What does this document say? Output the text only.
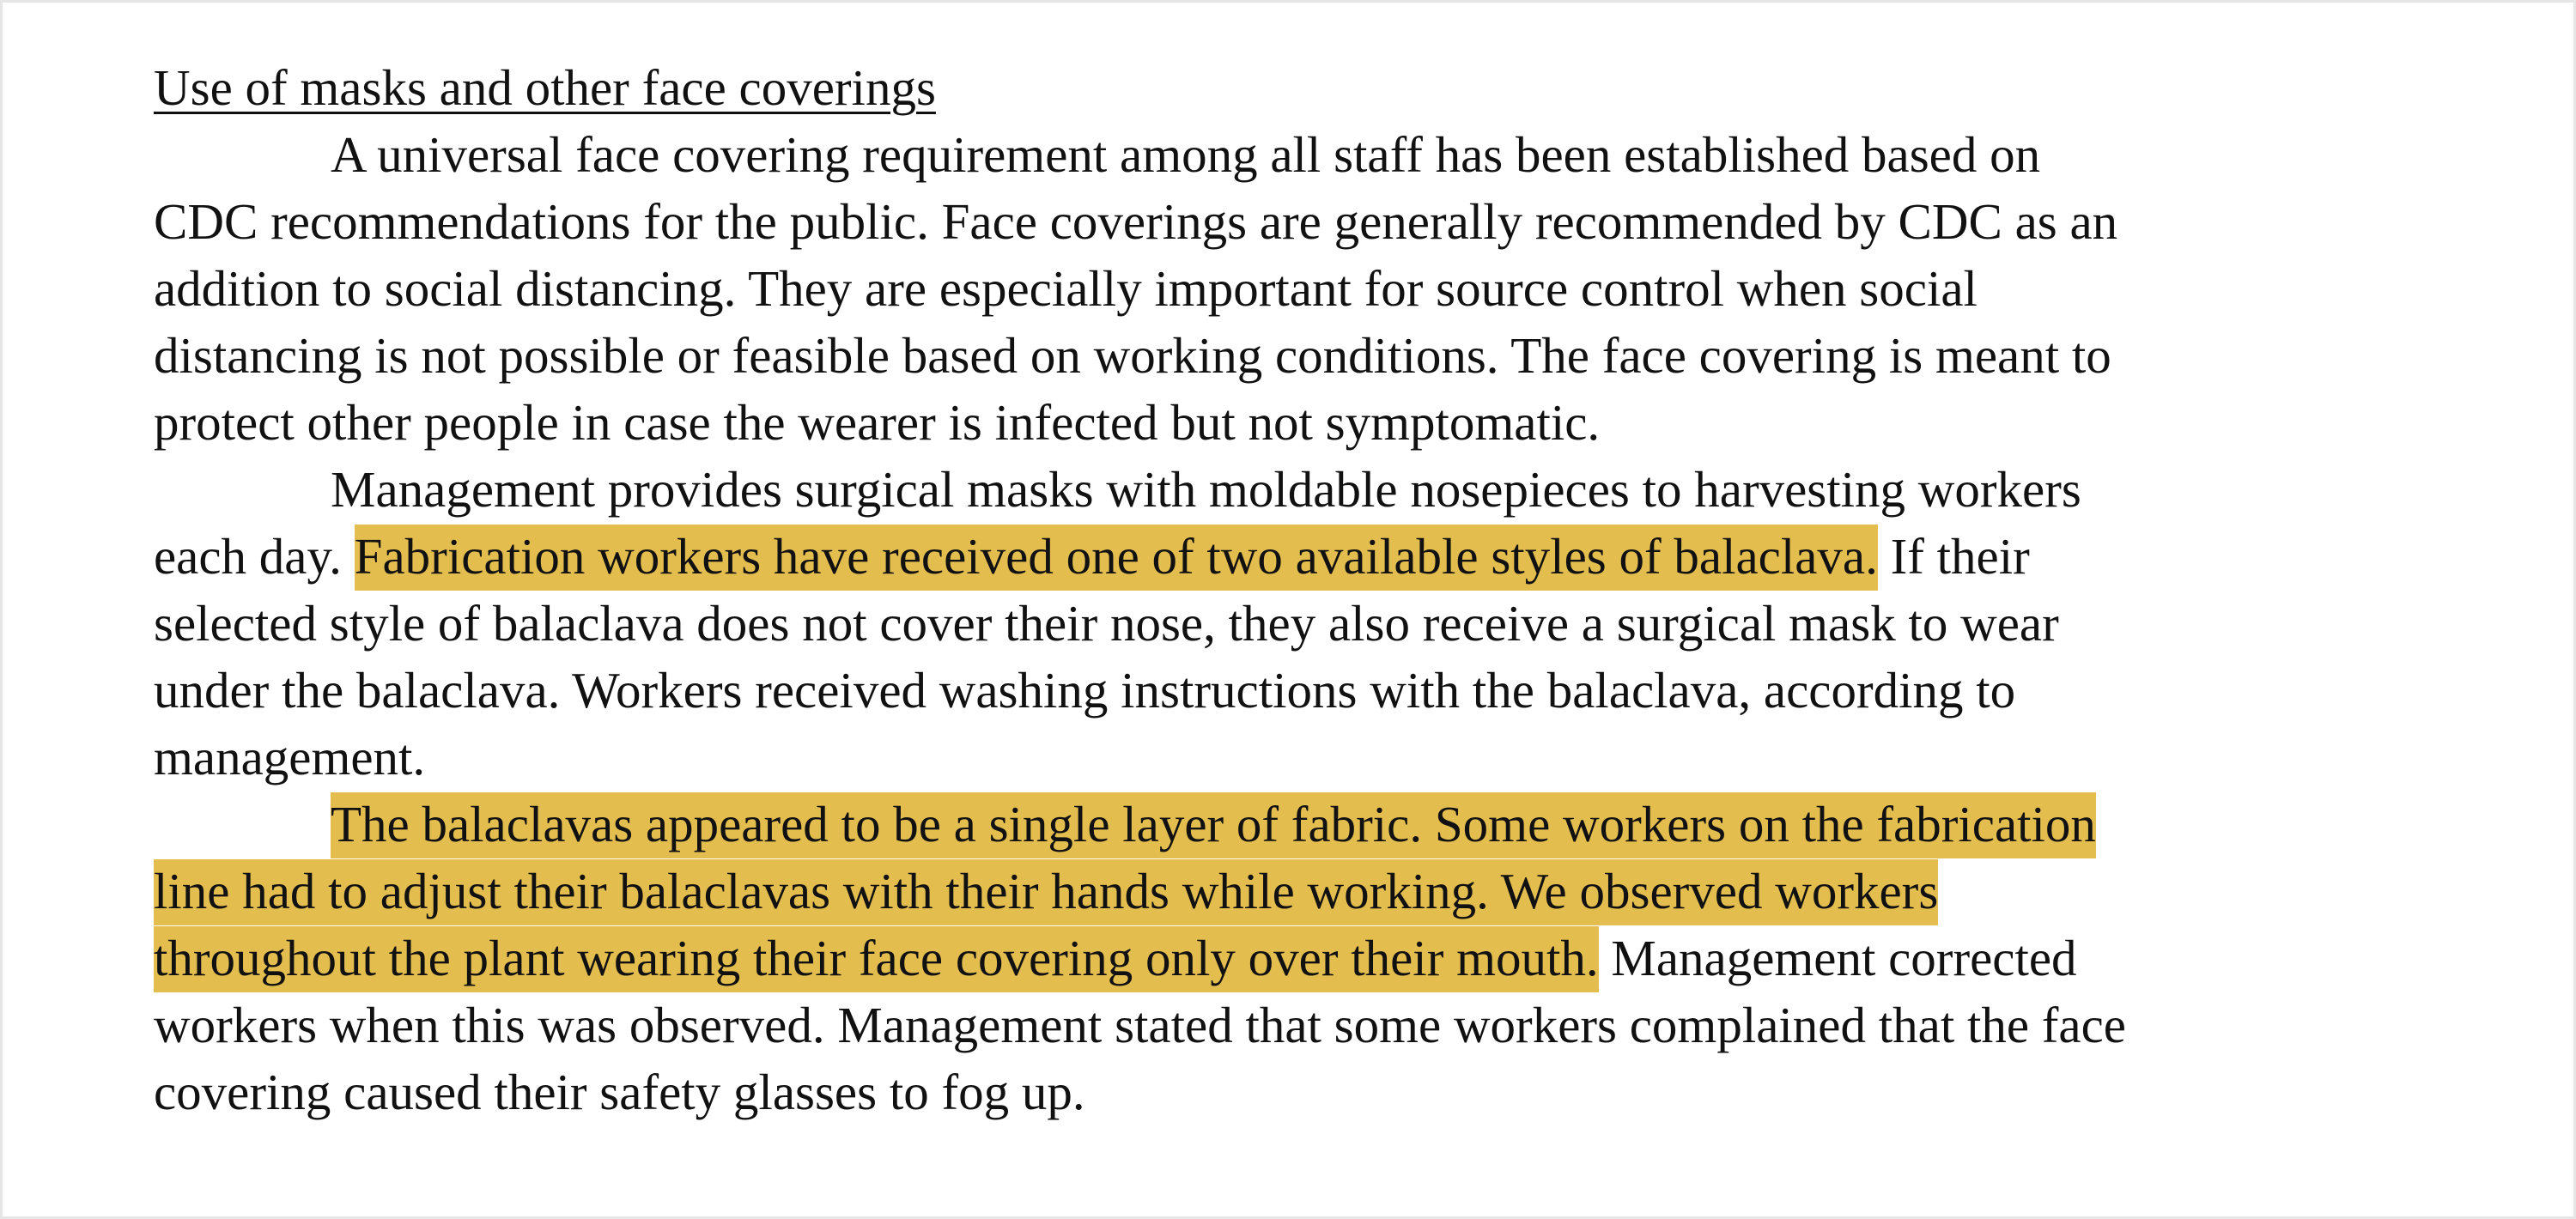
Use of masks and other face coverings
A universal face covering requirement among all staff has been established based on
CDC recommendations for the public. Face coverings are generally recommended by CDC as an
addition to social distancing. They are especially important for source control when social
distancing is not possible or feasible based on working conditions. The face covering is meant to
protect other people in case the wearer is infected but not symptomatic.
Management provides surgical masks with moldable nosepieces to harvesting workers
each day. Fabrication workers have received one of two available styles of balaclava. If their
selected style of balaclava does not cover their nose, they also receive a surgical mask to wear
under the balaclava. Workers received washing instructions with the balaclava, according to
management.
The balaclavas appeared to be a single layer of fabric. Some workers on the fabrication
line had to adjust their balaclavas with their hands while working. We observed workers
throughout the plant wearing their face covering only over their mouth. Management corrected
workers when this was observed. Management stated that some workers complained that the face
covering caused their safety glasses to fog up.
